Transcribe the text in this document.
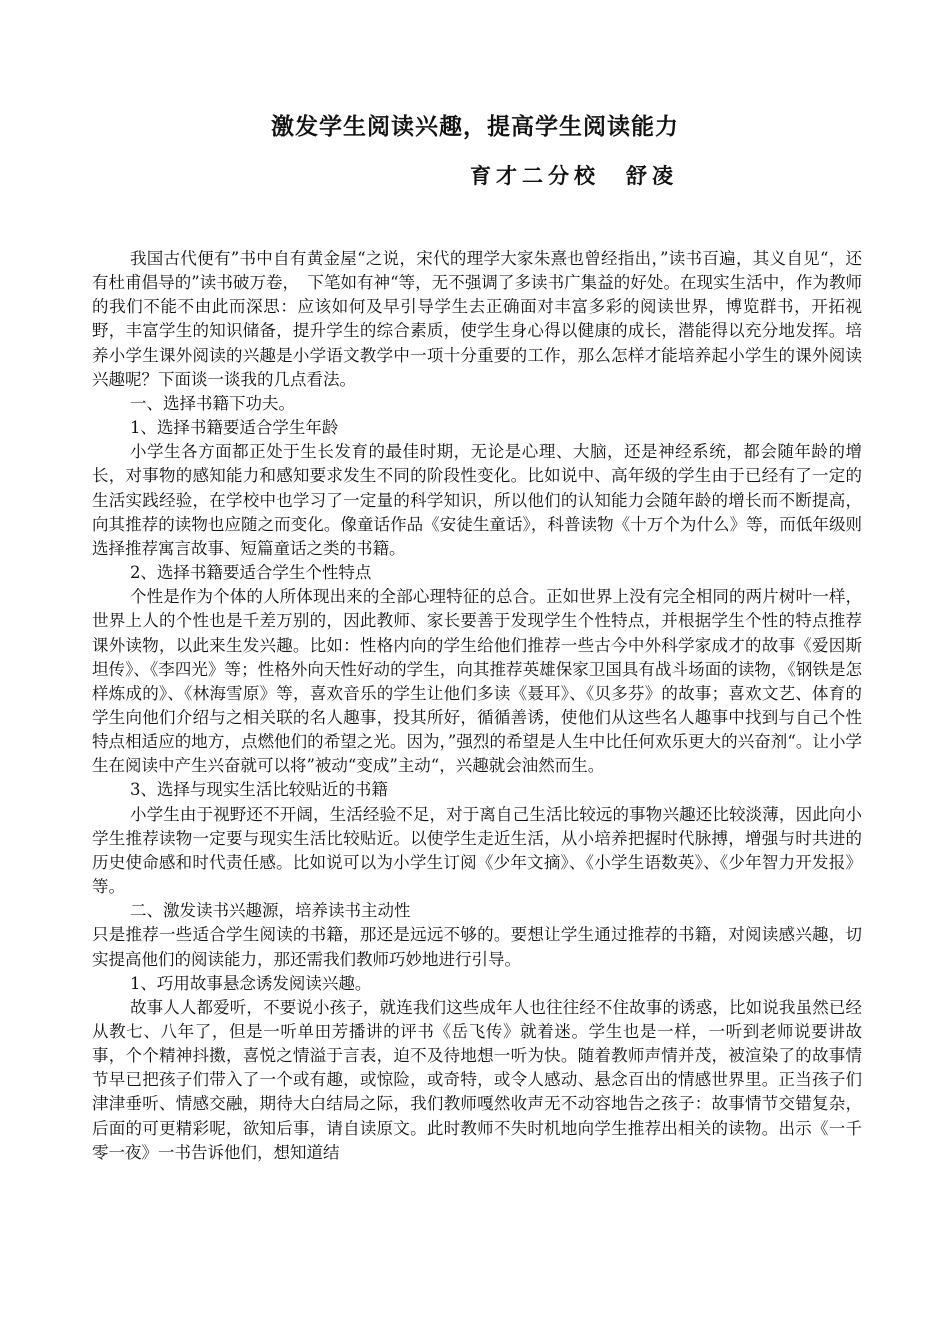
激发学生阅读兴趣，提高学生阅读能力
育才二分校　舒凌

我国古代便有”书中自有黄金屋“之说，宋代的理学大家朱熹也曾经指出，”读书百遍，其义自见“，还有杜甫倡导的”读书破万卷，　下笔如有神“等，无不强调了多读书广集益的好处。在现实生活中，作为教师的我们不能不由此而深思：应该如何及早引导学生去正确面对丰富多彩的阅读世界，博览群书，开拓视野，丰富学生的知识储备，提升学生的综合素质，使学生身心得以健康的成长，潜能得以充分地发挥。培养小学生课外阅读的兴趣是小学语文教学中一项十分重要的工作，那么怎样才能培养起小学生的课外阅读兴趣呢？下面谈一谈我的几点看法。

一、选择书籍下功夫。

1、选择书籍要适合学生年龄

小学生各方面都正处于生长发育的最佳时期，无论是心理、大脑，还是神经系统，都会随年龄的增长，对事物的感知能力和感知要求发生不同的阶段性变化。比如说中、高年级的学生由于已经有了一定的生活实践经验，在学校中也学习了一定量的科学知识，所以他们的认知能力会随年龄的增长而不断提高，向其推荐的读物也应随之而变化。像童话作品《安徒生童话》，科普读物《十万个为什么》等，而低年级则选择推荐寓言故事、短篇童话之类的书籍。

2、选择书籍要适合学生个性特点

个性是作为个体的人所体现出来的全部心理特征的总合。正如世界上没有完全相同的两片树叶一样，世界上人的个性也是千差万别的，因此教师、家长要善于发现学生个性特点，并根据学生个性的特点推荐课外读物，以此来生发兴趣。比如：性格内向的学生给他们推荐一些古今中外科学家成才的故事《爱因斯坦传》、《李四光》等；性格外向天性好动的学生，向其推荐英雄保家卫国具有战斗场面的读物，《钢铁是怎样炼成的》、《林海雪原》等，喜欢音乐的学生让他们多读《聂耳》、《贝多芬》的故事；喜欢文艺、体育的学生向他们介绍与之相关联的名人趣事，投其所好，循循善诱，使他们从这些名人趣事中找到与自己个性特点相适应的地方，点燃他们的希望之光。因为，”强烈的希望是人生中比任何欢乐更大的兴奋剂“。让小学生在阅读中产生兴奋就可以将”被动“变成”主动“，兴趣就会油然而生。

3、选择与现实生活比较贴近的书籍

小学生由于视野还不开阔，生活经验不足，对于离自己生活比较远的事物兴趣还比较淡薄，因此向小学生推荐读物一定要与现实生活比较贴近。以使学生走近生活，从小培养把握时代脉搏，增强与时共进的历史使命感和时代责任感。比如说可以为小学生订阅《少年文摘》、《小学生语数英》、《少年智力开发报》等。

二、激发读书兴趣源，培养读书主动性

只是推荐一些适合学生阅读的书籍，那还是远远不够的。要想让学生通过推荐的书籍，对阅读感兴趣，切实提高他们的阅读能力，那还需我们教师巧妙地进行引导。

1、巧用故事悬念诱发阅读兴趣。

故事人人都爱听，不要说小孩子，就连我们这些成年人也往往经不住故事的诱惑，比如说我虽然已经从教七、八年了，但是一听单田芳播讲的评书《岳飞传》就着迷。学生也是一样，一听到老师说要讲故事，个个精神抖擞，喜悦之情溢于言表，迫不及待地想一听为快。随着教师声情并茂，被渲染了的故事情节早已把孩子们带入了一个或有趣，或惊险，或奇特，或令人感动、悬念百出的情感世界里。正当孩子们津津垂听、情感交融，期待大白结局之际，我们教师嘎然收声无不动容地告之孩子：故事情节交错复杂，后面的可更精彩呢，欲知后事，请自读原文。此时教师不失时机地向学生推荐出相关的读物。出示《一千零一夜》一书告诉他们，想知道结
